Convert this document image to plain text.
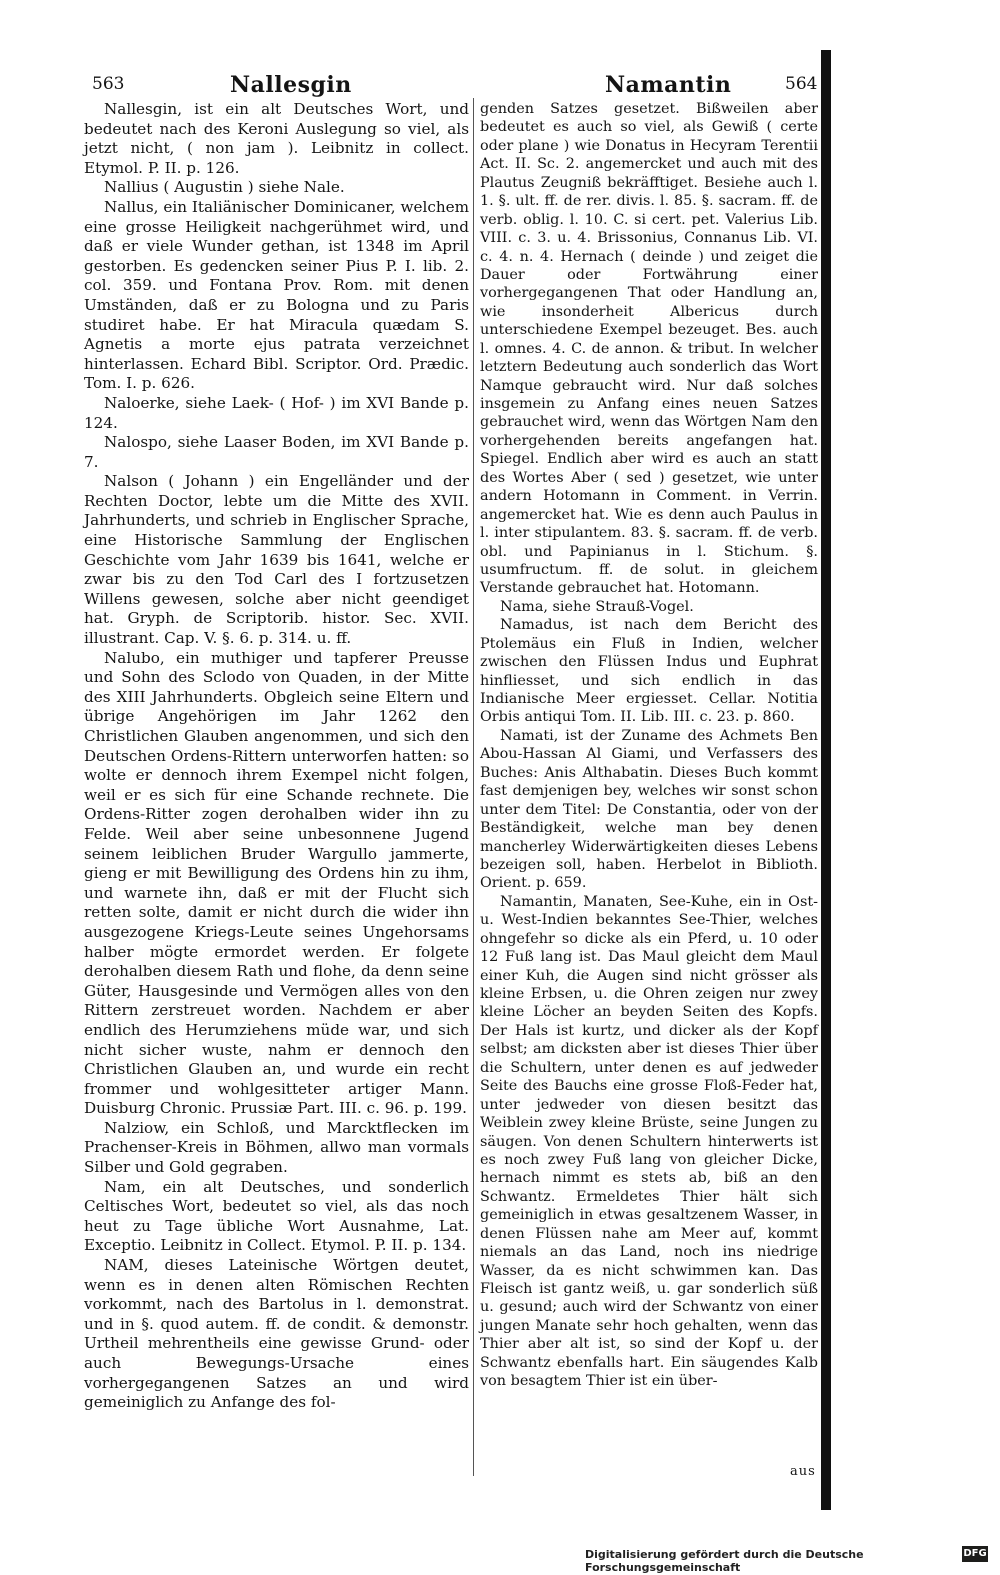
563	Nallesgin	Namantin	564

Nallesgin, ist ein alt Deutsches Wort, und bedeutet nach des Keroni Auslegung so viel, als jetzt nicht, ( non jam ). Leibnitz in collect. Etymol. P. II. p. 126.

Nallius ( Augustin ) siehe Nale.

Nallus, ein Italiänischer Dominicaner, welchem eine grosse Heiligkeit nachgerühmet wird, und daß er viele Wunder gethan, ist 1348 im April gestorben. Es gedencken seiner Pius P. I. lib. 2. col. 359. und Fontana Prov. Rom. mit denen Umständen, daß er zu Bologna und zu Paris studiret habe. Er hat Miracula quædam S. Agnetis a morte ejus patrata verzeichnet hinterlassen. Echard Bibl. Scriptor. Ord. Prædic. Tom. I. p. 626.

Naloerke, siehe Laek- ( Hof- ) im XVI Bande p. 124.

Nalospo, siehe Laaser Boden, im XVI Bande p. 7.

Nalson ( Johann ) ein Engelländer und der Rechten Doctor, lebte um die Mitte des XVII. Jahrhunderts, und schrieb in Englischer Sprache, eine Historische Sammlung der Englischen Geschichte vom Jahr 1639 bis 1641, welche er zwar bis zu den Tod Carl des I fortzusetzen Willens gewesen, solche aber nicht geendiget hat. Gryph. de Scriptorib. histor. Sec. XVII. illustrant. Cap. V. §. 6. p. 314. u. ff.

Nalubo, ein muthiger und tapferer Preusse und Sohn des Sclodo von Quaden, in der Mitte des XIII Jahrhunderts. Obgleich seine Eltern und übrige Angehörigen im Jahr 1262 den Christlichen Glauben angenommen, und sich den Deutschen Ordens-Rittern unterworfen hatten: so wolte er dennoch ihrem Exempel nicht folgen, weil er es sich für eine Schande rechnete. Die Ordens-Ritter zogen derohalben wider ihn zu Felde. Weil aber seine unbesonnene Jugend seinem leiblichen Bruder Wargullo jammerte, gieng er mit Bewilligung des Ordens hin zu ihm, und warnete ihn, daß er mit der Flucht sich retten solte, damit er nicht durch die wider ihn ausgezogene Kriegs-Leute seines Ungehorsams halber mögte ermordet werden. Er folgete derohalben diesem Rath und flohe, da denn seine Güter, Hausgesinde und Vermögen alles von den Rittern zerstreuet worden. Nachdem er aber endlich des Herumziehens müde war, und sich nicht sicher wuste, nahm er dennoch den Christlichen Glauben an, und wurde ein recht frommer und wohlgesitteter artiger Mann. Duisburg Chronic. Prussiæ Part. III. c. 96. p. 199.

Nalziow, ein Schloß, und Marcktflecken im Prachenser-Kreis in Böhmen, allwo man vormals Silber und Gold gegraben.

Nam, ein alt Deutsches, und sonderlich Celtisches Wort, bedeutet so viel, als das noch heut zu Tage übliche Wort Ausnahme, Lat. Exceptio. Leibnitz in Collect. Etymol. P. II. p. 134.

NAM, dieses Lateinische Wörtgen deutet, wenn es in denen alten Römischen Rechten vorkommt, nach des Bartolus in l. demonstrat. und in §. quod autem. ff. de condit. & demonstr. Urtheil mehrentheils eine gewisse Grund- oder auch Bewegungs-Ursache eines vorhergegangenen Satzes an und wird gemeiniglich zu Anfange des fol-

genden Satzes gesetzet. Bißweilen aber bedeutet es auch so viel, als Gewiß ( certe oder plane ) wie Donatus in Hecyram Terentii Act. II. Sc. 2. angemercket und auch mit des Plautus Zeugniß bekräfftiget. Besiehe auch l. 1. §. ult. ff. de rer. divis. l. 85. §. sacram. ff. de verb. oblig. l. 10. C. si cert. pet. Valerius Lib. VIII. c. 3. u. 4. Brissonius, Connanus Lib. VI. c. 4. n. 4. Hernach ( deinde ) und zeiget die Dauer oder Fortwährung einer vorhergegangenen That oder Handlung an, wie insonderheit Albericus durch unterschiedene Exempel bezeuget. Bes. auch l. omnes. 4. C. de annon. & tribut. In welcher letztern Bedeutung auch sonderlich das Wort Namque gebraucht wird. Nur daß solches insgemein zu Anfang eines neuen Satzes gebrauchet wird, wenn das Wörtgen Nam den vorhergehenden bereits angefangen hat. Spiegel. Endlich aber wird es auch an statt des Wortes Aber ( sed ) gesetzet, wie unter andern Hotomann in Comment. in Verrin. angemercket hat. Wie es denn auch Paulus in l. inter stipulantem. 83. §. sacram. ff. de verb. obl. und Papinianus in l. Stichum. §. usumfructum. ff. de solut. in gleichem Verstande gebrauchet hat. Hotomann.

Nama, siehe Strauß-Vogel.

Namadus, ist nach dem Bericht des Ptolemäus ein Fluß in Indien, welcher zwischen den Flüssen Indus und Euphrat hinfliesset, und sich endlich in das Indianische Meer ergiesset. Cellar. Notitia Orbis antiqui Tom. II. Lib. III. c. 23. p. 860.

Namati, ist der Zuname des Achmets Ben Abou-Hassan Al Giami, und Verfassers des Buches: Anis Althabatin. Dieses Buch kommt fast demjenigen bey, welches wir sonst schon unter dem Titel: De Constantia, oder von der Beständigkeit, welche man bey denen mancherley Widerwärtigkeiten dieses Lebens bezeigen soll, haben. Herbelot in Biblioth. Orient. p. 659.

Namantin, Manaten, See-Kuhe, ein in Ost- u. West-Indien bekanntes See-Thier, welches ohngefehr so dicke als ein Pferd, u. 10 oder 12 Fuß lang ist. Das Maul gleicht dem Maul einer Kuh, die Augen sind nicht grösser als kleine Erbsen, u. die Ohren zeigen nur zwey kleine Löcher an beyden Seiten des Kopfs. Der Hals ist kurtz, und dicker als der Kopf selbst; am dicksten aber ist dieses Thier über die Schultern, unter denen es auf jedweder Seite des Bauchs eine grosse Floß-Feder hat, unter jedweder von diesen besitzt das Weiblein zwey kleine Brüste, seine Jungen zu säugen. Von denen Schultern hinterwerts ist es noch zwey Fuß lang von gleicher Dicke, hernach nimmt es stets ab, biß an den Schwantz. Ermeldetes Thier hält sich gemeiniglich in etwas gesaltzenem Wasser, in denen Flüssen nahe am Meer auf, kommt niemals an das Land, noch ins niedrige Wasser, da es nicht schwimmen kan. Das Fleisch ist gantz weiß, u. gar sonderlich süß u. gesund; auch wird der Schwantz von einer jungen Manate sehr hoch gehalten, wenn das Thier aber alt ist, so sind der Kopf u. der Schwantz ebenfalls hart. Ein säugendes Kalb von besagtem Thier ist ein über-

aus
Digitalisierung gefördert durch die Deutsche Forschungsgemeinschaft
DFG
